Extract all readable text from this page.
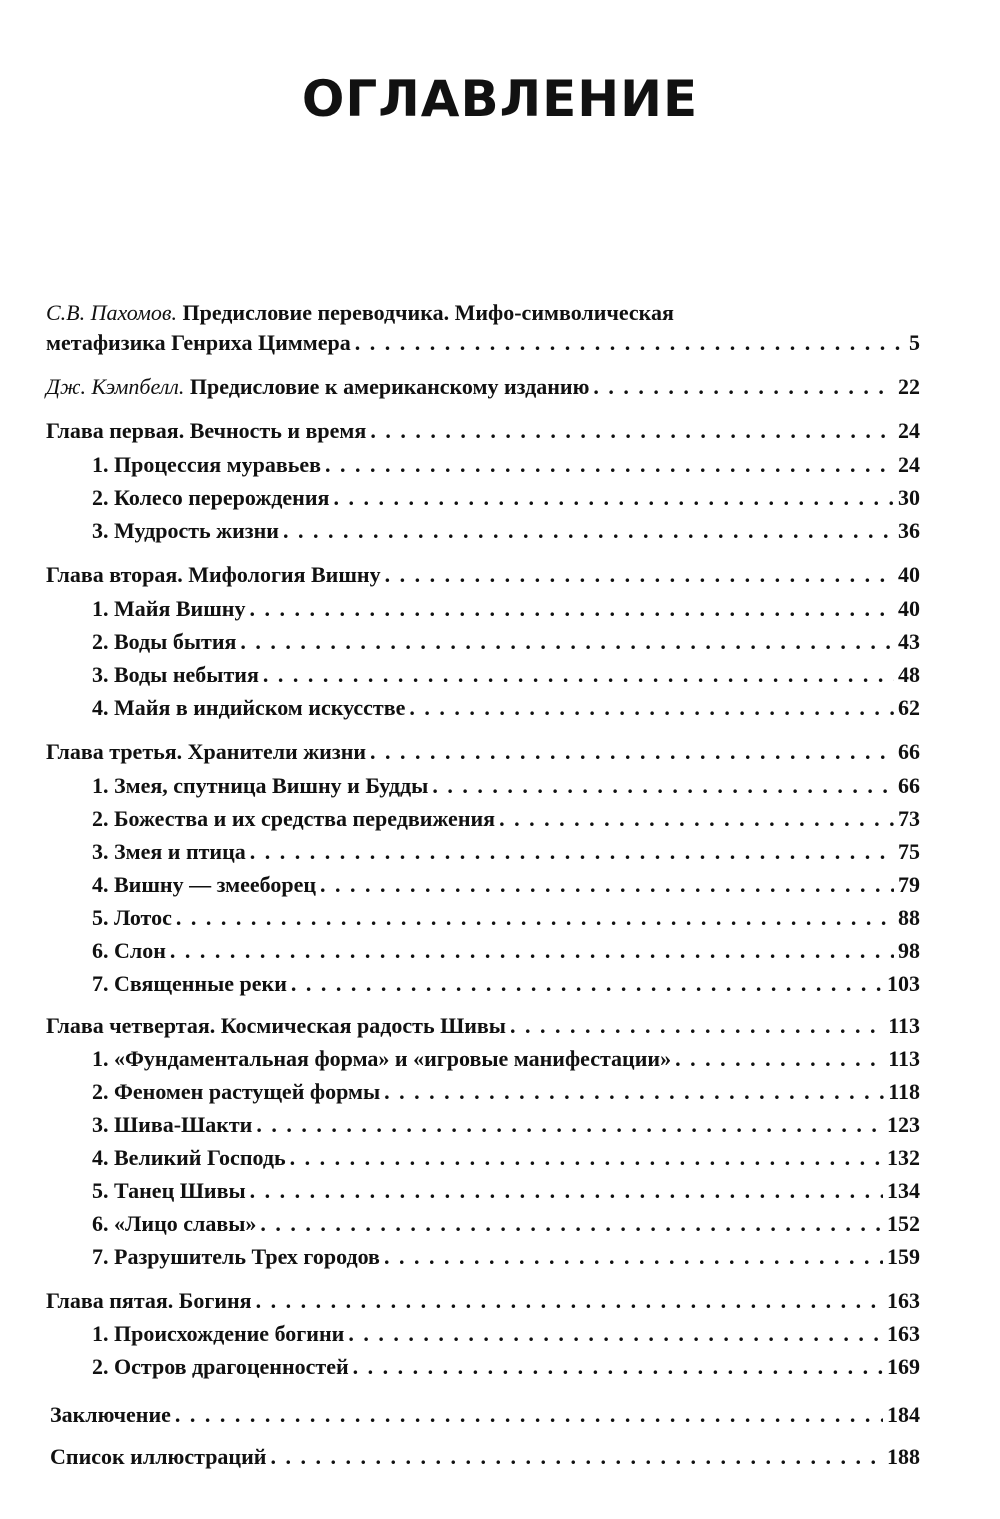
ОГЛАВЛЕНИЕ
С.В. Пахомов. Предисловие переводчика. Мифо-символическая
метафизика Генриха Циммера . . .	5
Дж. Кэмпбелл. Предисловие к американскому изданию . . .	22
Глава первая. Вечность и время . . .	24
1. Процессия муравьев . . .	24
2. Колесо перерождения . . .	30
3. Мудрость жизни . . .	36
Глава вторая. Мифология Вишну . . .	40
1. Майя Вишну . . .	40
2. Воды бытия . . .	43
3. Воды небытия . . .	48
4. Майя в индийском искусстве . . .	62
Глава третья. Хранители жизни . . .	66
1. Змея, спутница Вишну и Будды . . .	66
2. Божества и их средства передвижения . . .	73
3. Змея и птица . . .	75
4. Вишну — змееборец . . .	79
5. Лотос . . .	88
6. Слон . . .	98
7. Священные реки . . .	103
Глава четвертая. Космическая радость Шивы . . .	113
1. «Фундаментальная форма» и «игровые манифестации» . . .	113
2. Феномен растущей формы . . .	118
3. Шива-Шакти . . .	123
4. Великий Господь . . .	132
5. Танец Шивы . . .	134
6. «Лицо славы» . . .	152
7. Разрушитель Трех городов . . .	159
Глава пятая. Богиня . . .	163
1. Происхождение богини . . .	163
2. Остров драгоценностей . . .	169
Заключение . . .	184
Список иллюстраций . . .	188
